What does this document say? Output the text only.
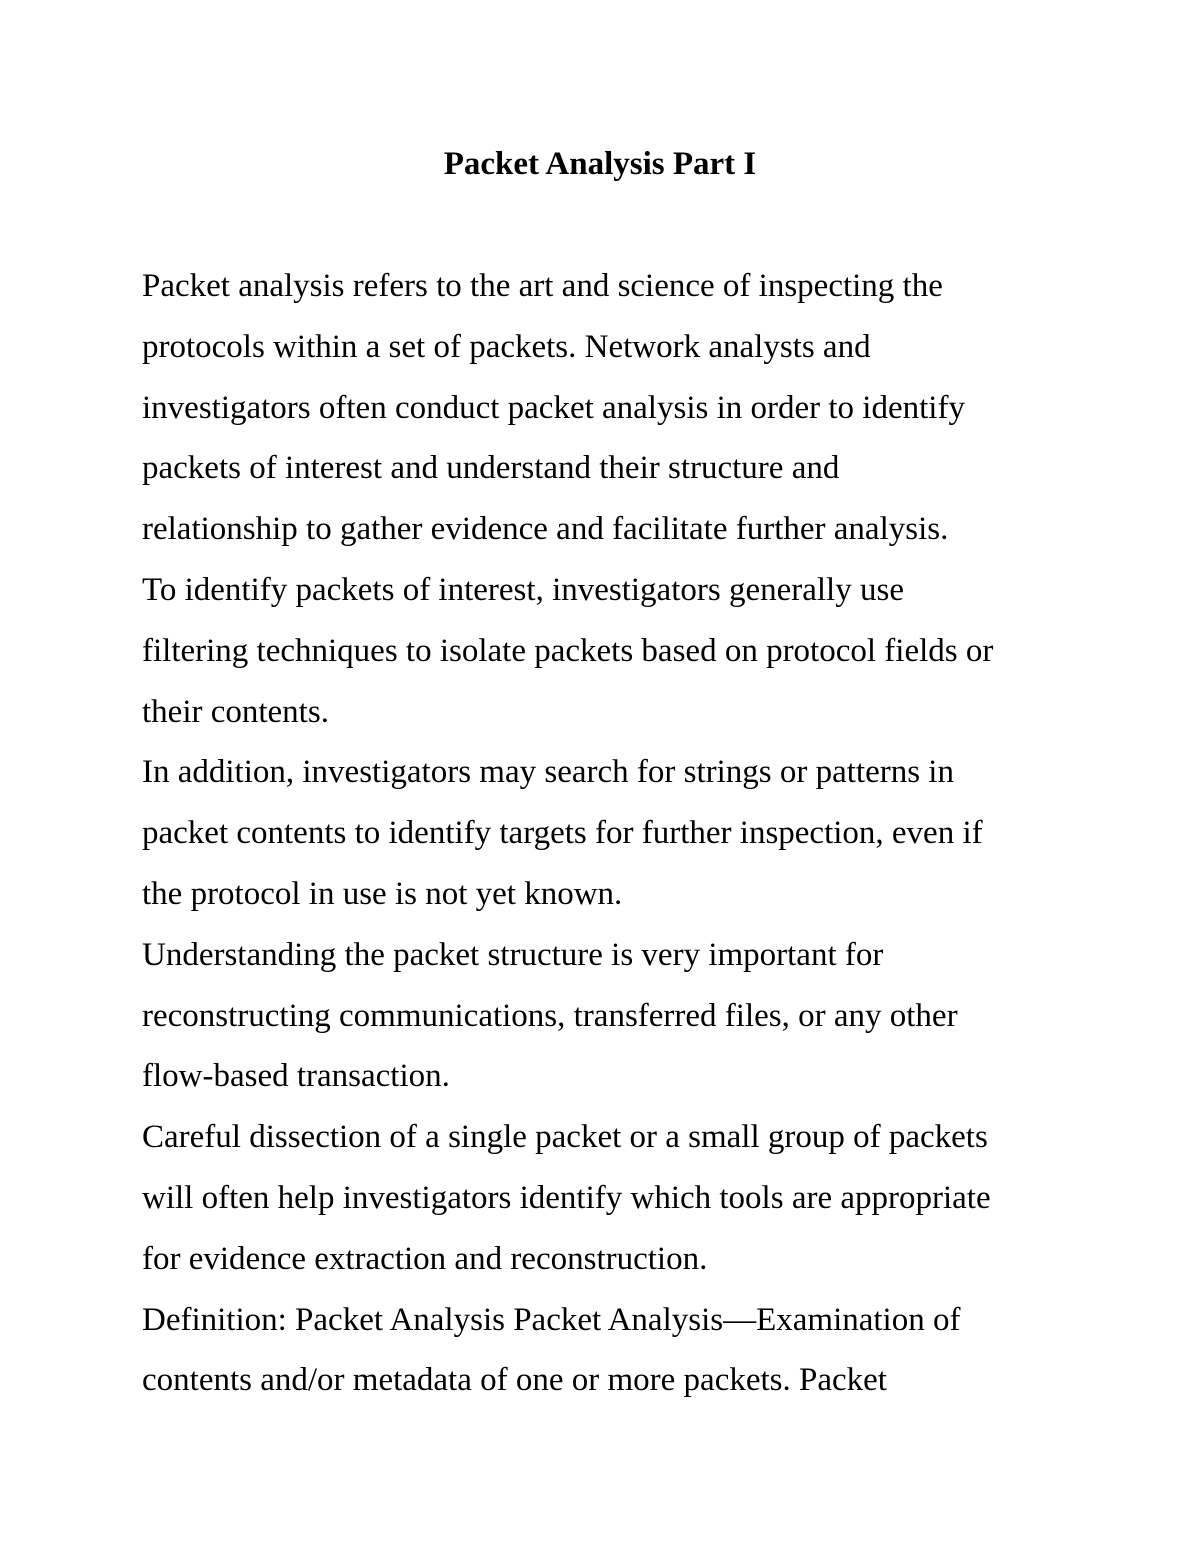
Packet Analysis Part I
Packet analysis refers to the art and science of inspecting the
protocols within a set of packets. Network analysts and
investigators often conduct packet analysis in order to identify
packets of interest and understand their structure and
relationship to gather evidence and facilitate further analysis.
To identify packets of interest, investigators generally use
filtering techniques to isolate packets based on protocol fields or
their contents.
In addition, investigators may search for strings or patterns in
packet contents to identify targets for further inspection, even if
the protocol in use is not yet known.
Understanding the packet structure is very important for
reconstructing communications, transferred files, or any other
flow-based transaction.
Careful dissection of a single packet or a small group of packets
will often help investigators identify which tools are appropriate
for evidence extraction and reconstruction.
Definition: Packet Analysis Packet Analysis—Examination of
contents and/or metadata of one or more packets. Packet
